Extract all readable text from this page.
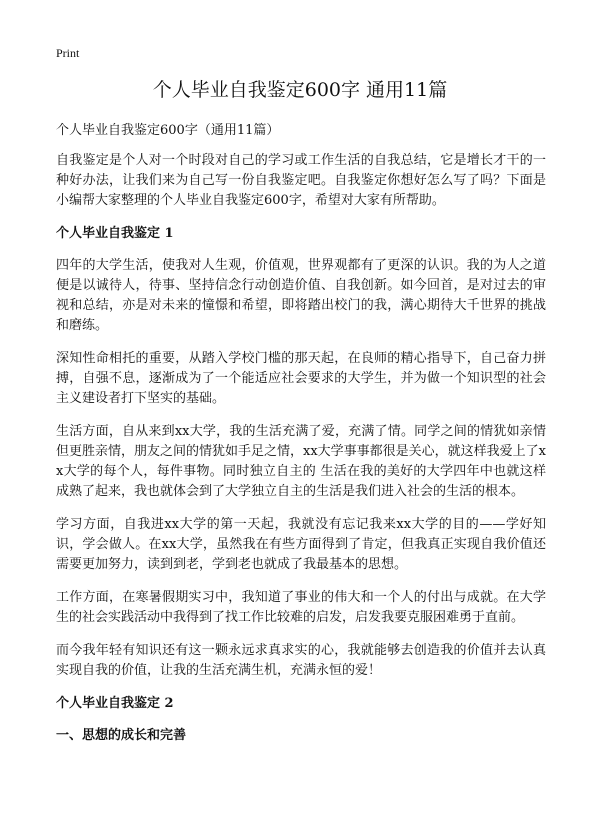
Print
个人毕业自我鉴定600字 通用11篇

个人毕业自我鉴定600字（通用11篇）

自我鉴定是个人对一个时段对自己的学习或工作生活的自我总结，它是增长才干的一种好办法，让我们来为自己写一份自我鉴定吧。自我鉴定你想好怎么写了吗？下面是小编帮大家整理的个人毕业自我鉴定600字，希望对大家有所帮助。

个人毕业自我鉴定 1

四年的大学生活，使我对人生观，价值观，世界观都有了更深的认识。我的为人之道便是以诚待人，待事、坚持信念行动创造价值、自我创新。如今回首，是对过去的审视和总结，亦是对未来的憧憬和希望，即将踏出校门的我，满心期待大千世界的挑战和磨练。

深知性命相托的重要，从踏入学校门槛的那天起，在良师的精心指导下，自己奋力拼搏，自强不息，逐渐成为了一个能适应社会要求的大学生，并为做一个知识型的社会主义建设者打下坚实的基础。

生活方面，自从来到xx大学，我的生活充满了爱，充满了情。同学之间的情犹如亲情但更胜亲情，朋友之间的情犹如手足之情，xx大学事事都很是关心，就这样我爱上了xx大学的每个人，每件事物。同时独立自主的 生活在我的美好的大学四年中也就这样成熟了起来，我也就体会到了大学独立自主的生活是我们进入社会的生活的根本。

学习方面，自我进xx大学的第一天起，我就没有忘记我来xx大学的目的——学好知识，学会做人。在xx大学，虽然我在有些方面得到了肯定，但我真正实现自我价值还需要更加努力，读到到老，学到老也就成了我最基本的思想。

工作方面，在寒暑假期实习中，我知道了事业的伟大和一个人的付出与成就。在大学生的社会实践活动中我得到了找工作比较难的启发，启发我要克服困难勇于直前。

而今我年轻有知识还有这一颗永远求真求实的心，我就能够去创造我的价值并去认真实现自我的价值，让我的生活充满生机，充满永恒的爱！

个人毕业自我鉴定 2

一、思想的成长和完善
